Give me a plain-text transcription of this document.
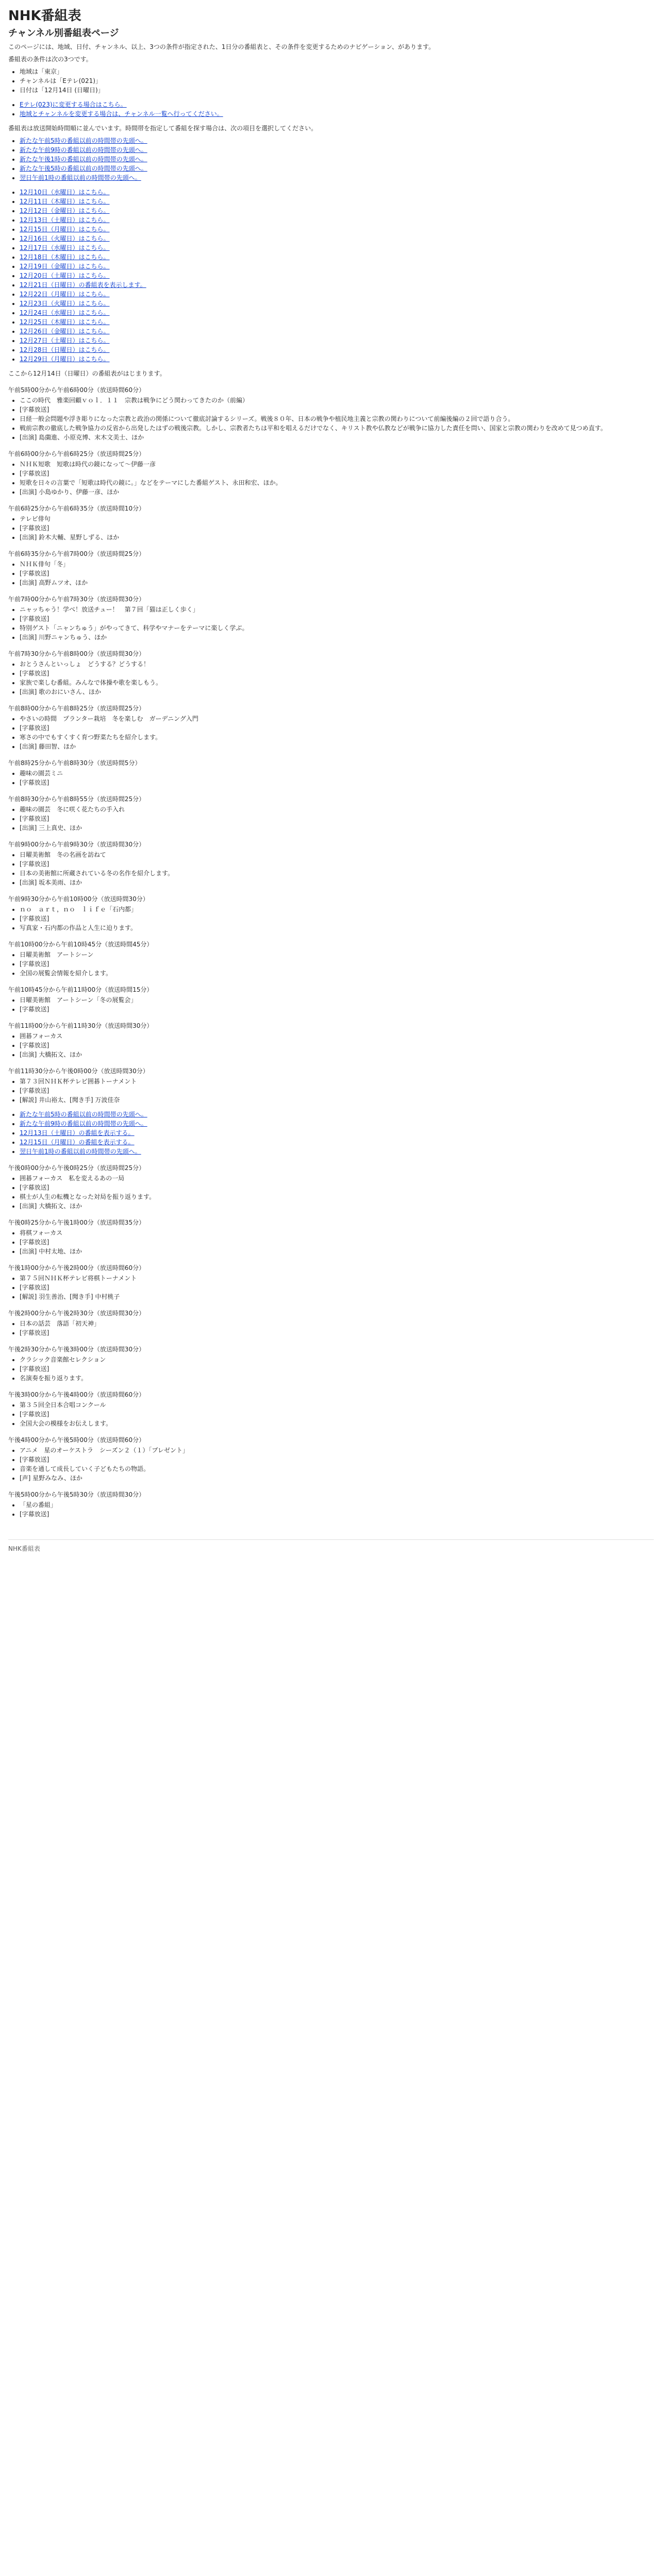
NHK番組表
チャンネル別番組表ページ

このページには、地域、日付、チャンネル、以上、3つの条件が指定された、1日分の番組表と、その条件を変更するためのナビゲーション、があります。

番組表の条件は次の3つです。

• 地域は「東京」
• チャンネルは「Eテレ(021)」
• 日付は「12月14日 (日曜日)」
• Eテレ(023)に変更する場合はこちら。
• 地域とチャンネルを変更する場合は、チャンネル一覧へ行ってください。

番組表は放送開始時間順に並んでいます。時間帯を指定して番組を探す場合は、次の項目を選択してください。

• 新たな午前5時の番組以前の時間帯の先頭へ。
• 新たな午前9時の番組以前の時間帯の先頭へ。
• 新たな午後1時の番組以前の時間帯の先頭へ。
• 新たな午後5時の番組以前の時間帯の先頭へ。
• 翌日午前1時の番組以前の時間帯の先頭へ。
• 12月10日（水曜日）はこちら。
• 12月11日（木曜日）はこちら。
• 12月12日（金曜日）はこちら。
• 12月13日（土曜日）はこちら。
• 12月15日（月曜日）はこちら。
• 12月16日（火曜日）はこちら。
• 12月17日（水曜日）はこちら。
• 12月18日（木曜日）はこちら。
• 12月19日（金曜日）はこちら。
• 12月20日（土曜日）はこちら。
• 12月21日（日曜日）の番組表を表示します。
• 12月22日（月曜日）はこちら。
• 12月23日（火曜日）はこちら。
• 12月24日（水曜日）はこちら。
• 12月25日（木曜日）はこちら。
• 12月26日（金曜日）はこちら。
• 12月27日（土曜日）はこちら。
• 12月28日（日曜日）はこちら。
• 12月29日（月曜日）はこちら。

ここから12月14日（日曜日）の番組表がはじまります。

午前5時00分から午前6時00分（放送時間60分）

• ここの時代　雅楽回顧ｖｏｌ．１１　宗教は戦争にどう関わってきたのか（前編）
• [字幕放送]
• 日経一般会問題や浮き彫りになった宗教と政治の関係について徹底討論するシリーズ。戦後８０年、日本の戦争や植民地主義と宗教の関わりについて前編後編の２回で語り合う。
• 戦前宗教の徹底した戦争協力の反省から出発したはずの戦後宗教。しかし、宗教者たちは平和を唱えるだけでなく、キリスト教や仏教などが戦争に協力した責任を問い、国家と宗教の関わりを改めて見つめ直す。
• [出演] 島薗進、小原克博、末木文美士、ほか

午前6時00分から午前6時25分（放送時間25分）

• ＮＨＫ短歌　短歌は時代の鏡になって〜伊藤一彦
• [字幕放送]
• 短歌を日々の言葉で「短歌は時代の鏡に。」などをテーマにした番組ゲスト、永田和宏、ほか。
• [出演] 小島ゆかり、伊藤一彦、ほか

午前6時25分から午前6時35分（放送時間10分）

• テレビ俳句
• [字幕放送]
• [出演] 鈴木大輔、星野しずる、ほか

午前6時35分から午前7時00分（放送時間25分）

• ＮＨＫ俳句「冬」
• [字幕放送]
• [出演] 高野ムツオ、ほか

午前7時00分から午前7時30分（放送時間30分）

• ニャッちゃう！学べ！放送チュー！　第７回「猫は正しく歩く」
• [字幕放送]
• 特別ゲスト「ニャンちゅう」がやってきて、科学やマナーをテーマに楽しく学ぶ。
• [出演] 川野ニャンちゅう、ほか

午前7時30分から午前8時00分（放送時間30分）

• おとうさんといっしょ　どうする？どうする！
• [字幕放送]
• 家族で楽しむ番組。みんなで体操や歌を楽しもう。
• [出演] 歌のおにいさん、ほか

午前8時00分から午前8時25分（放送時間25分）

• やさいの時間　プランター栽培　冬を楽しむ　ガーデニング入門
• [字幕放送]
• 寒さの中でもすくすく育つ野菜たちを紹介します。
• [出演] 藤田智、ほか

午前8時25分から午前8時30分（放送時間5分）

• 趣味の園芸ミニ
• [字幕放送]

午前8時30分から午前8時55分（放送時間25分）

• 趣味の園芸　冬に咲く花たちの手入れ
• [字幕放送]
• [出演] 三上真史、ほか

午前9時00分から午前9時30分（放送時間30分）

• 日曜美術館　冬の名画を訪ねて
• [字幕放送]
• 日本の美術館に所蔵されている冬の名作を紹介します。
• [出演] 坂本美雨、ほか

午前9時30分から午前10時00分（放送時間30分）

• ｎｏ　ａｒｔ，ｎｏ　ｌｉｆｅ「石内都」
• [字幕放送]
• 写真家・石内都の作品と人生に迫ります。

午前10時00分から午前10時45分（放送時間45分）

• 日曜美術館　アートシーン
• [字幕放送]
• 全国の展覧会情報を紹介します。

午前10時45分から午前11時00分（放送時間15分）

• 日曜美術館　アートシーン「冬の展覧会」
• [字幕放送]

午前11時00分から午前11時30分（放送時間30分）

• 囲碁フォーカス
• [字幕放送]
• [出演] 大橋拓文、ほか

午前11時30分から午後0時00分（放送時間30分）

• 第７３回ＮＨＫ杯テレビ囲碁トーナメント
• [字幕放送]
• [解説] 井山裕太、[聞き手] 万波佳奈
• 新たな午前5時の番組以前の時間帯の先頭へ。
• 新たな午前9時の番組以前の時間帯の先頭へ。
• 12月13日（土曜日）の番組を表示する。
• 12月15日（月曜日）の番組を表示する。
• 翌日午前1時の番組以前の時間帯の先頭へ。

午後0時00分から午後0時25分（放送時間25分）

• 囲碁フォーカス　私を変えるあの一局
• [字幕放送]
• 棋士が人生の転機となった対局を振り返ります。
• [出演] 大橋拓文、ほか

午後0時25分から午後1時00分（放送時間35分）

• 将棋フォーカス
• [字幕放送]
• [出演] 中村太地、ほか

午後1時00分から午後2時00分（放送時間60分）

• 第７５回ＮＨＫ杯テレビ将棋トーナメント
• [字幕放送]
• [解説] 羽生善治、[聞き手] 中村桃子

午後2時00分から午後2時30分（放送時間30分）

• 日本の話芸　落語「初天神」
• [字幕放送]

午後2時30分から午後3時00分（放送時間30分）

• クラシック音楽館セレクション
• [字幕放送]
• 名演奏を振り返ります。

午後3時00分から午後4時00分（放送時間60分）

• 第３５回全日本合唱コンクール
• [字幕放送]
• 全国大会の模様をお伝えします。

午後4時00分から午後5時00分（放送時間60分）

• アニメ　星のオーケストラ　シーズン２（１）「プレゼント」
• [字幕放送]
• 音楽を通して成長していく子どもたちの物語。
• [声] 星野みなみ、ほか

午後5時00分から午後5時30分（放送時間30分）

• 「星の番組」
• [字幕放送]
NHK番組表
